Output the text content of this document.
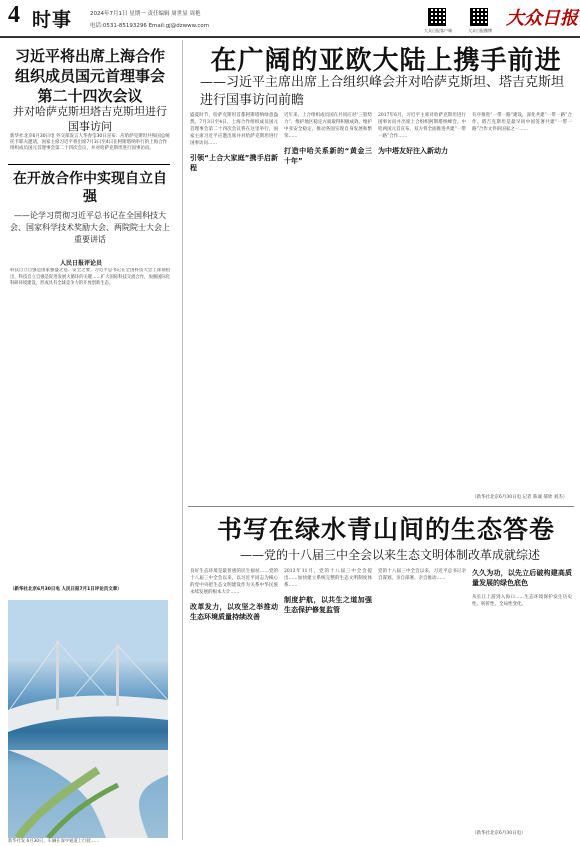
4 时事	2024年7月1日 星期一 责任编辑 周世显 周艳
电话:0531-85193296 Email:gj@dzwww.com
大众日报客户端	大众日报微博
大众日报
习近平将出席上海合作组织成员国元首理事会第二十四次会议
并对哈萨克斯坦塔吉克斯坦进行国事访问
新华社北京6月30日电 外交部发言人华春莹30日宣布：应哈萨克斯坦共和国总统托卡耶夫邀请，国家主席习近平将出席7月3日至4日在阿斯塔纳举行的上海合作组织成员国元首理事会第二十四次会议，并对哈萨克斯坦进行国事访问。
在开放合作中实现自立自强
——论学习贯彻习近平总书记在全国科技大会、国家科学技术奖励大会、两院院士大会上重要讲话
人民日报评论员
科技自立自强是国家强盛之基、安全之要。习近平总书记在全国科技大会上深刻指出，科技自立自强是促进发展大循环的关键……扩大国际科技交流合作，加强国际化科研环境建设，形成具有全球竞争力的开放创新生态。
（新华社北京6月30日电 人民日报7月1日评论员文章）
新华社发 6月30日，车辆在深中通道上行驶……
在广阔的亚欧大陆上携手前进
——习近平主席出席上合组织峰会并对哈萨克斯坦、塔吉克斯坦进行国事访问前瞻
盛夏时节，哈萨克斯坦首都阿斯塔纳绿意盎然。7月3日至4日，上海合作组织成员国元首理事会第二十四次会议将在这里举行，国家主席习近平应邀出席并对哈萨克斯坦进行国事访问……
引领“上合大家庭”携手启新程
近年来，上合组织成员国在共同应对“三股势力”、维护地区稳定方面取得积极成效。维护中亚安全稳定，推动各国实现自身发展和繁荣……
打造中哈关系新的“黄金三十年”
2017年6月，习近平主席对哈萨克斯坦进行国事访问并出席上合组织阿斯塔纳峰会。中哈两国元首宣布，双方将全面推进共建“一带一路”合作……
为中塔友好注入新动力
有序推进“一带一路”建设，深化共建“一带一路”合作。塔吉克斯坦是最早同中国签署共建“一带一路”合作文件的国家之一……
（新华社北京6月30日电 记者 陈诚 郝欣 刘杰）
书写在绿水青山间的生态答卷
——党的十八届三中全会以来生态文明体制改革成就综述
良好生态环境是最普惠的民生福祉……党的十八届三中全会以来，以习近平同志为核心的党中央把生态文明建设作为关系中华民族永续发展的根本大计……
改革发力，以攻坚之举推动生态环境质量持续改善
2013年11月，党的十八届三中全会提出……加快建立系统完整的生态文明制度体系……
制度护航，以共生之道加强生态保护修复监管
党的十八届三中全会以来，习近平总书记亲自谋划、亲自部署、亲自推动……
久久为功，以先立后破构建高质量发展的绿色底色
从长江上游到入海口……生态环境保护发生历史性、转折性、全局性变化。
（新华社北京6月30日电）
